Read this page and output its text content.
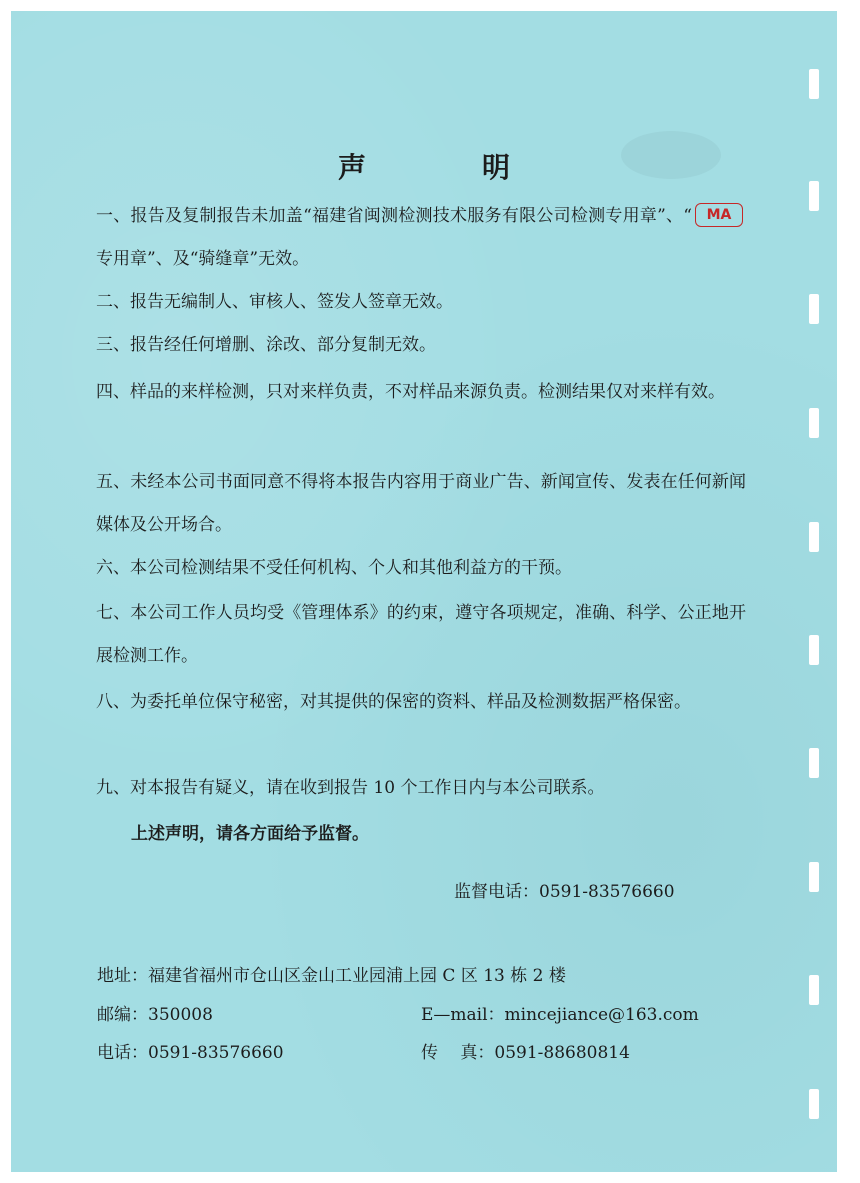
声　明

一、报告及复制报告未加盖“福建省闽测检测技术服务有限公司检测专用章”、“ MA专用章”、及“骑缝章”无效。

二、报告无编制人、审核人、签发人签章无效。

三、报告经任何增删、涂改、部分复制无效。

四、样品的来样检测，只对来样负责，不对样品来源负责。检测结果仅对来样有效。

五、未经本公司书面同意不得将本报告内容用于商业广告、新闻宣传、发表在任何新闻媒体及公开场合。

六、本公司检测结果不受任何机构、个人和其他利益方的干预。

七、本公司工作人员均受《管理体系》的约束，遵守各项规定，准确、科学、公正地开展检测工作。

八、为委托单位保守秘密，对其提供的保密的资料、样品及检测数据严格保密。

九、对本报告有疑义，请在收到报告 10 个工作日内与本公司联系。

上述声明，请各方面给予监督。
监督电话：0591-83576660
地址：福建省福州市仓山区金山工业园浦上园 C 区 13 栋 2 楼
邮编：350008	E—mail：mincejiance@163.com
电话：0591-83576660	传　 真：0591-88680814
